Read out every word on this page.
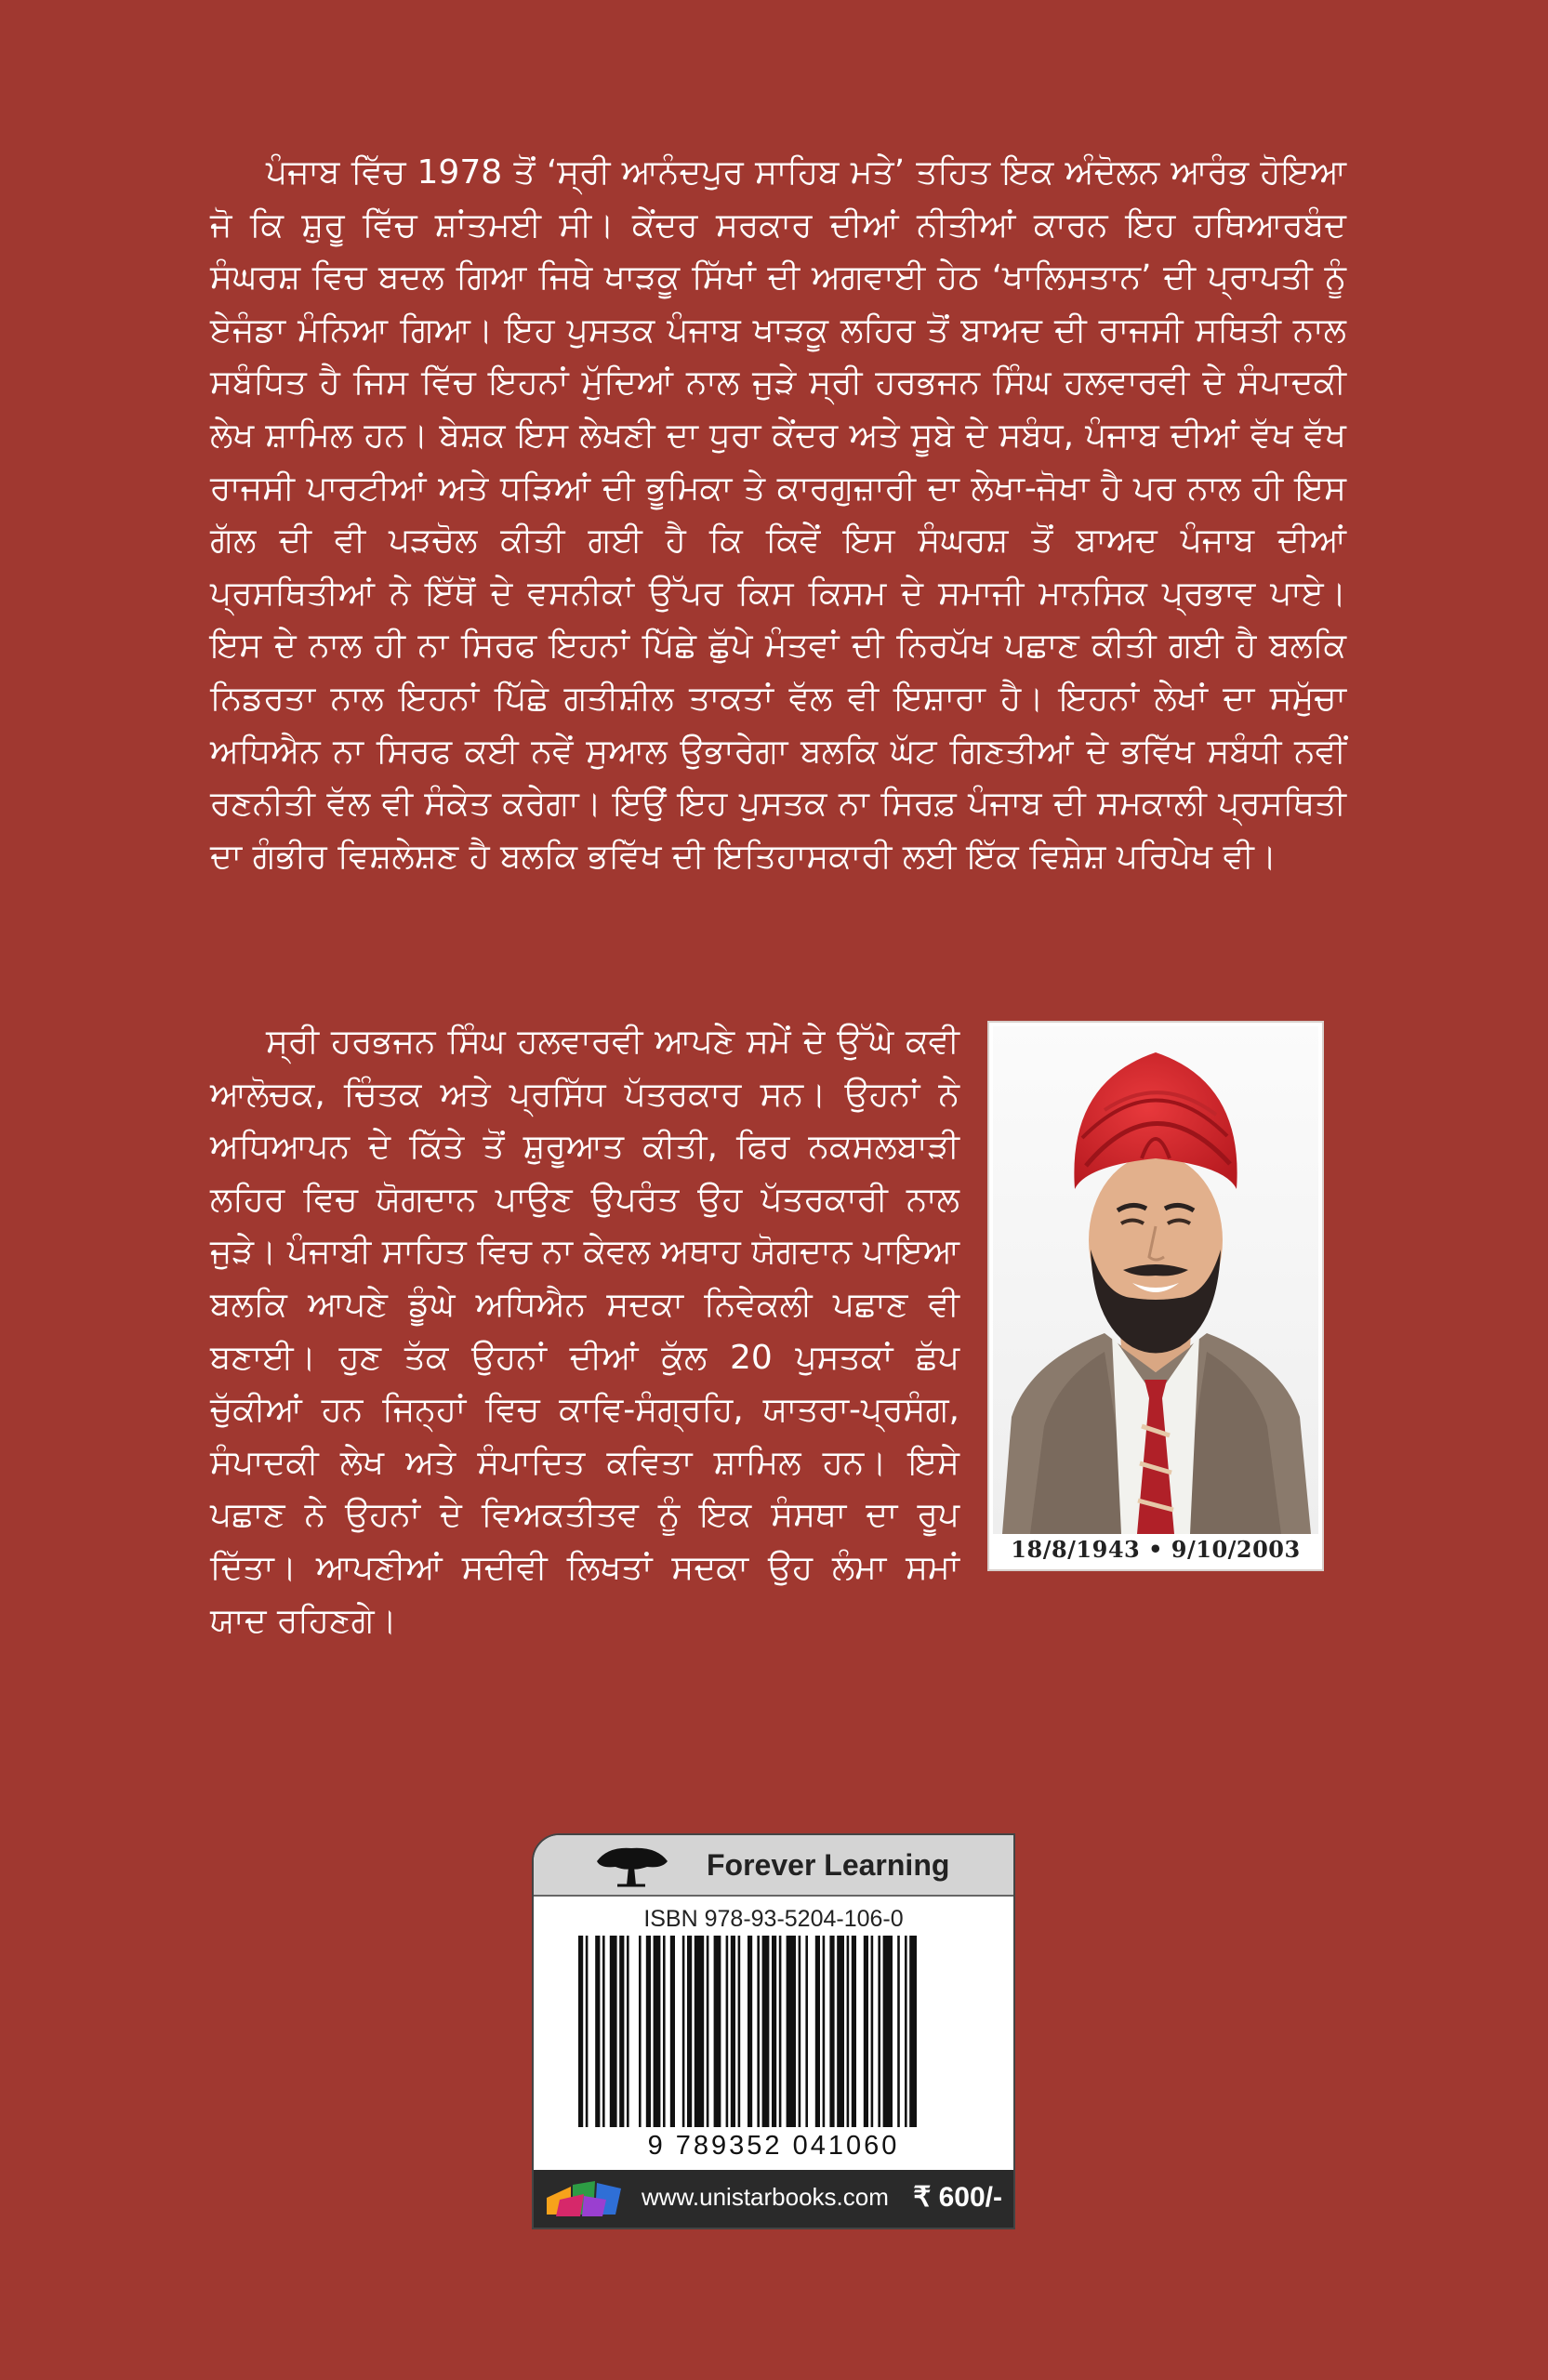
ਪੰਜਾਬ ਵਿੱਚ 1978 ਤੋਂ ‘ਸ੍ਰੀ ਆਨੰਦਪੁਰ ਸਾਹਿਬ ਮਤੇ’ ਤਹਿਤ ਇਕ ਅੰਦੋਲਨ ਆਰੰਭ ਹੋਇਆ ਜੋ ਕਿ ਸ਼ੁਰੂ ਵਿੱਚ ਸ਼ਾਂਤਮਈ ਸੀ। ਕੇਂਦਰ ਸਰਕਾਰ ਦੀਆਂ ਨੀਤੀਆਂ ਕਾਰਨ ਇਹ ਹਥਿਆਰਬੰਦ ਸੰਘਰਸ਼ ਵਿਚ ਬਦਲ ਗਿਆ ਜਿਥੇ ਖਾੜਕੂ ਸਿੱਖਾਂ ਦੀ ਅਗਵਾਈ ਹੇਠ ‘ਖਾਲਿਸਤਾਨ’ ਦੀ ਪ੍ਰਾਪਤੀ ਨੂੰ ਏਜੰਡਾ ਮੰਨਿਆ ਗਿਆ। ਇਹ ਪੁਸਤਕ ਪੰਜਾਬ ਖਾੜਕੂ ਲਹਿਰ ਤੋਂ ਬਾਅਦ ਦੀ ਰਾਜਸੀ ਸਥਿਤੀ ਨਾਲ ਸਬੰਧਿਤ ਹੈ ਜਿਸ ਵਿੱਚ ਇਹਨਾਂ ਮੁੱਦਿਆਂ ਨਾਲ ਜੁੜੇ ਸ੍ਰੀ ਹਰਭਜਨ ਸਿੰਘ ਹਲਵਾਰਵੀ ਦੇ ਸੰਪਾਦਕੀ ਲੇਖ ਸ਼ਾਮਿਲ ਹਨ। ਬੇਸ਼ਕ ਇਸ ਲੇਖਣੀ ਦਾ ਧੁਰਾ ਕੇਂਦਰ ਅਤੇ ਸੂਬੇ ਦੇ ਸਬੰਧ, ਪੰਜਾਬ ਦੀਆਂ ਵੱਖ ਵੱਖ ਰਾਜਸੀ ਪਾਰਟੀਆਂ ਅਤੇ ਧੜਿਆਂ ਦੀ ਭੂਮਿਕਾ ਤੇ ਕਾਰਗੁਜ਼ਾਰੀ ਦਾ ਲੇਖਾ-ਜੋਖਾ ਹੈ ਪਰ ਨਾਲ ਹੀ ਇਸ ਗੱਲ ਦੀ ਵੀ ਪੜਚੋਲ ਕੀਤੀ ਗਈ ਹੈ ਕਿ ਕਿਵੇਂ ਇਸ ਸੰਘਰਸ਼ ਤੋਂ ਬਾਅਦ ਪੰਜਾਬ ਦੀਆਂ ਪ੍ਰਸਥਿਤੀਆਂ ਨੇ ਇੱਥੋਂ ਦੇ ਵਸਨੀਕਾਂ ਉੱਪਰ ਕਿਸ ਕਿਸਮ ਦੇ ਸਮਾਜੀ ਮਾਨਸਿਕ ਪ੍ਰਭਾਵ ਪਾਏ। ਇਸ ਦੇ ਨਾਲ ਹੀ ਨਾ ਸਿਰਫ ਇਹਨਾਂ ਪਿੱਛੇ ਛੁੱਪੇ ਮੰਤਵਾਂ ਦੀ ਨਿਰਪੱਖ ਪਛਾਣ ਕੀਤੀ ਗਈ ਹੈ ਬਲਕਿ ਨਿਡਰਤਾ ਨਾਲ ਇਹਨਾਂ ਪਿੱਛੇ ਗਤੀਸ਼ੀਲ ਤਾਕਤਾਂ ਵੱਲ ਵੀ ਇਸ਼ਾਰਾ ਹੈ। ਇਹਨਾਂ ਲੇਖਾਂ ਦਾ ਸਮੁੱਚਾ ਅਧਿਐਨ ਨਾ ਸਿਰਫ ਕਈ ਨਵੇਂ ਸੁਆਲ ਉਭਾਰੇਗਾ ਬਲਕਿ ਘੱਟ ਗਿਣਤੀਆਂ ਦੇ ਭਵਿੱਖ ਸਬੰਧੀ ਨਵੀਂ ਰਣਨੀਤੀ ਵੱਲ ਵੀ ਸੰਕੇਤ ਕਰੇਗਾ। ਇਉਂ ਇਹ ਪੁਸਤਕ ਨਾ ਸਿਰਫ਼ ਪੰਜਾਬ ਦੀ ਸਮਕਾਲੀ ਪ੍ਰਸਥਿਤੀ ਦਾ ਗੰਭੀਰ ਵਿਸ਼ਲੇਸ਼ਣ ਹੈ ਬਲਕਿ ਭਵਿੱਖ ਦੀ ਇਤਿਹਾਸਕਾਰੀ ਲਈ ਇੱਕ ਵਿਸ਼ੇਸ਼ ਪਰਿਪੇਖ ਵੀ।

ਸ੍ਰੀ ਹਰਭਜਨ ਸਿੰਘ ਹਲਵਾਰਵੀ ਆਪਣੇ ਸਮੇਂ ਦੇ ਉੱਘੇ ਕਵੀ ਆਲੋਚਕ, ਚਿੰਤਕ ਅਤੇ ਪ੍ਰਸਿੱਧ ਪੱਤਰਕਾਰ ਸਨ। ਉਹਨਾਂ ਨੇ ਅਧਿਆਪਨ ਦੇ ਕਿੱਤੇ ਤੋਂ ਸ਼ੁਰੂਆਤ ਕੀਤੀ, ਫਿਰ ਨਕਸਲਬਾੜੀ ਲਹਿਰ ਵਿਚ ਯੋਗਦਾਨ ਪਾਉਣ ਉਪਰੰਤ ਉਹ ਪੱਤਰਕਾਰੀ ਨਾਲ ਜੁੜੇ। ਪੰਜਾਬੀ ਸਾਹਿਤ ਵਿਚ ਨਾ ਕੇਵਲ ਅਥਾਹ ਯੋਗਦਾਨ ਪਾਇਆ ਬਲਕਿ ਆਪਣੇ ਡੂੰਘੇ ਅਧਿਐਨ ਸਦਕਾ ਨਿਵੇਕਲੀ ਪਛਾਣ ਵੀ ਬਣਾਈ। ਹੁਣ ਤੱਕ ਉਹਨਾਂ ਦੀਆਂ ਕੁੱਲ 20 ਪੁਸਤਕਾਂ ਛੱਪ ਚੁੱਕੀਆਂ ਹਨ ਜਿਨ੍ਹਾਂ ਵਿਚ ਕਾਵਿ-ਸੰਗ੍ਰਹਿ, ਯਾਤਰਾ-ਪ੍ਰਸੰਗ, ਸੰਪਾਦਕੀ ਲੇਖ ਅਤੇ ਸੰਪਾਦਿਤ ਕਵਿਤਾ ਸ਼ਾਮਿਲ ਹਨ। ਇਸੇ ਪਛਾਣ ਨੇ ਉਹਨਾਂ ਦੇ ਵਿਅਕਤੀਤਵ ਨੂੰ ਇਕ ਸੰਸਥਾ ਦਾ ਰੂਪ ਦਿੱਤਾ। ਆਪਣੀਆਂ ਸਦੀਵੀ ਲਿਖਤਾਂ ਸਦਕਾ ਉਹ ਲੰਮਾ ਸਮਾਂ ਯਾਦ ਰਹਿਣਗੇ।

18/8/1943 • 9/10/2003
Forever Learning
ISBN 978-93-5204-106-0
9 789352 041060
www.unistarbooks.com ₹ 600/-
